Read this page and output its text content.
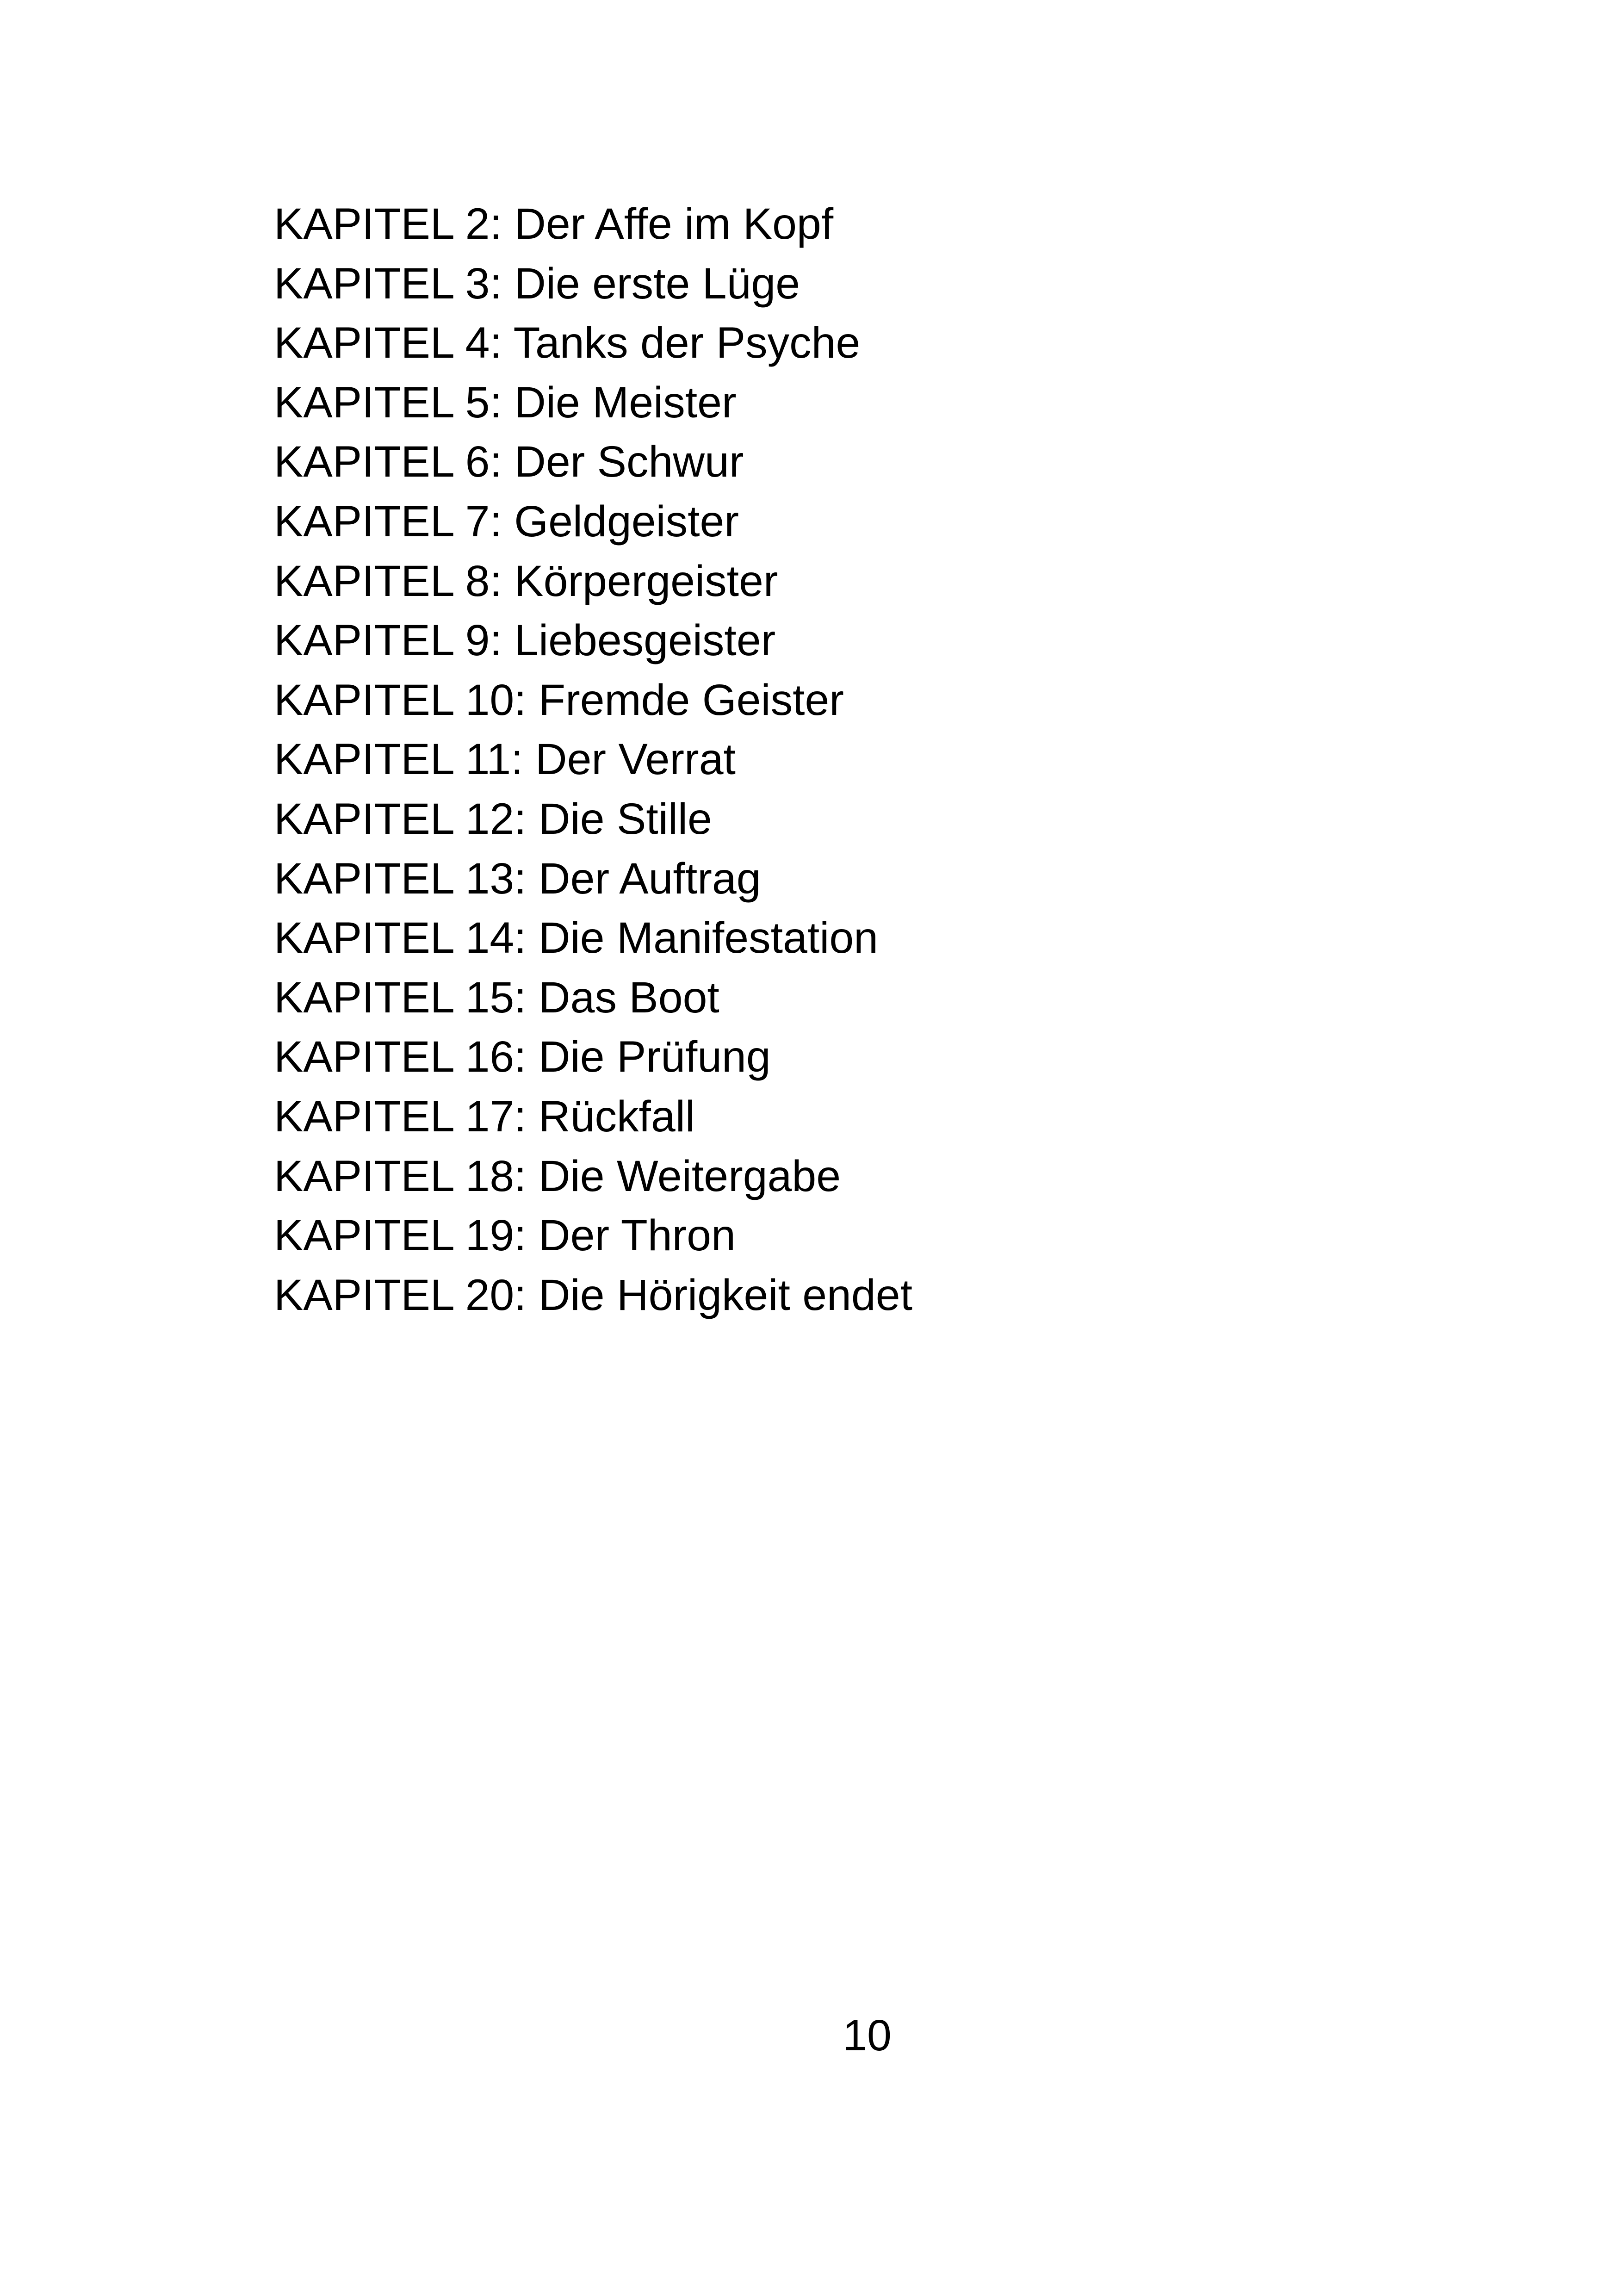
KAPITEL 2: Der Affe im Kopf
KAPITEL 3: Die erste Lüge
KAPITEL 4: Tanks der Psyche
KAPITEL 5: Die Meister
KAPITEL 6: Der Schwur
KAPITEL 7: Geldgeister
KAPITEL 8: Körpergeister
KAPITEL 9: Liebesgeister
KAPITEL 10: Fremde Geister
KAPITEL 11: Der Verrat
KAPITEL 12: Die Stille
KAPITEL 13: Der Auftrag
KAPITEL 14: Die Manifestation
KAPITEL 15: Das Boot
KAPITEL 16: Die Prüfung
KAPITEL 17: Rückfall
KAPITEL 18: Die Weitergabe
KAPITEL 19: Der Thron
KAPITEL 20: Die Hörigkeit endet
10
